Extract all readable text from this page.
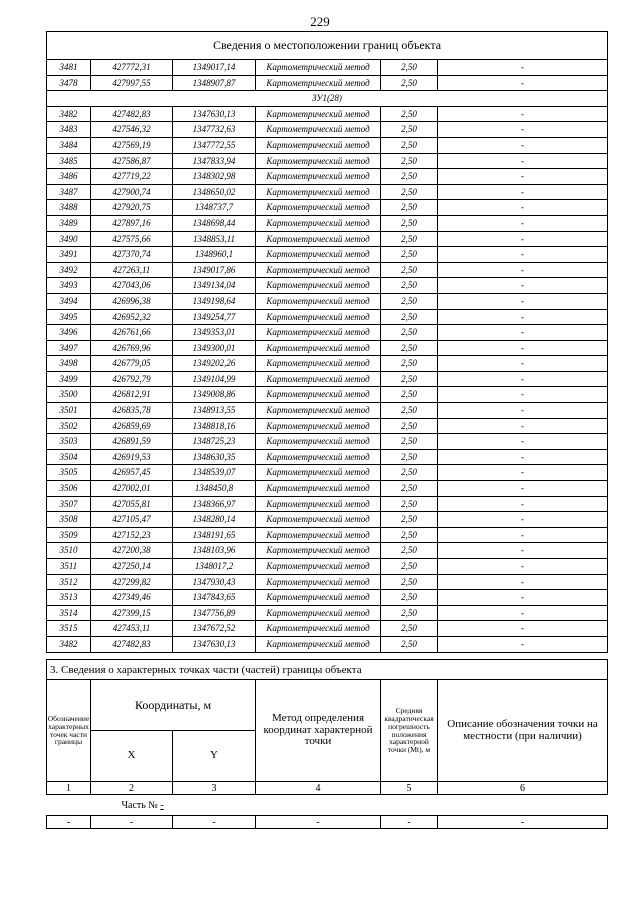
229
Сведения о местоположении границ объекта					
3481	427772,31	1349017,14	Картометрический метод	2,50	-
3478	427997,55	1348907,87	Картометрический метод	2,50	-
ЗУ1(28)					
3482	427482,83	1347630,13	Картометрический метод	2,50	-
3483	427546,32	1347732,63	Картометрический метод	2,50	-
3484	427569,19	1347772,55	Картометрический метод	2,50	-
3485	427586,87	1347833,94	Картометрический метод	2,50	-
3486	427719,22	1348302,98	Картометрический метод	2,50	-
3487	427900,74	1348650,02	Картометрический метод	2,50	-
3488	427920,75	1348737,7	Картометрический метод	2,50	-
3489	427897,16	1348698,44	Картометрический метод	2,50	-
3490	427575,66	1348853,11	Картометрический метод	2,50	-
3491	427370,74	1348960,1	Картометрический метод	2,50	-
3492	427263,11	1349017,86	Картометрический метод	2,50	-
3493	427043,06	1349134,04	Картометрический метод	2,50	-
3494	426996,38	1349198,64	Картометрический метод	2,50	-
3495	426952,32	1349254,77	Картометрический метод	2,50	-
3496	426761,66	1349353,01	Картометрический метод	2,50	-
3497	426769,96	1349300,01	Картометрический метод	2,50	-
3498	426779,05	1349202,26	Картометрический метод	2,50	-
3499	426792,79	1349104,99	Картометрический метод	2,50	-
3500	426812,91	1349008,86	Картометрический метод	2,50	-
3501	426835,78	1348913,55	Картометрический метод	2,50	-
3502	426859,69	1348818,16	Картометрический метод	2,50	-
3503	426891,59	1348725,23	Картометрический метод	2,50	-
3504	426919,53	1348630,35	Картометрический метод	2,50	-
3505	426957,45	1348539,07	Картометрический метод	2,50	-
3506	427002,01	1348450,8	Картометрический метод	2,50	-
3507	427055,81	1348366,97	Картометрический метод	2,50	-
3508	427105,47	1348280,14	Картометрический метод	2,50	-
3509	427152,23	1348191,65	Картометрический метод	2,50	-
3510	427200,38	1348103,96	Картометрический метод	2,50	-
3511	427250,14	1348017,2	Картометрический метод	2,50	-
3512	427299,82	1347930,43	Картометрический метод	2,50	-
3513	427349,46	1347843,65	Картометрический метод	2,50	-
3514	427399,15	1347756,89	Картометрический метод	2,50	-
3515	427453,11	1347672,52	Картометрический метод	2,50	-
3482	427482,83	1347630,13	Картометрический метод	2,50	-
3. Сведения о характерных точках части (частей) границы объекта					
Обозначение характерных точек части границы	Координаты, м		Метод определения координат характерной точки	Средняя квадратическая погрешность положения характерной точки (Mt), м	Описание обозначения точки на местности (при наличии)
	X	Y			
1	2	3	4	5	6
Часть № -					
-	-	-	-	-	-
